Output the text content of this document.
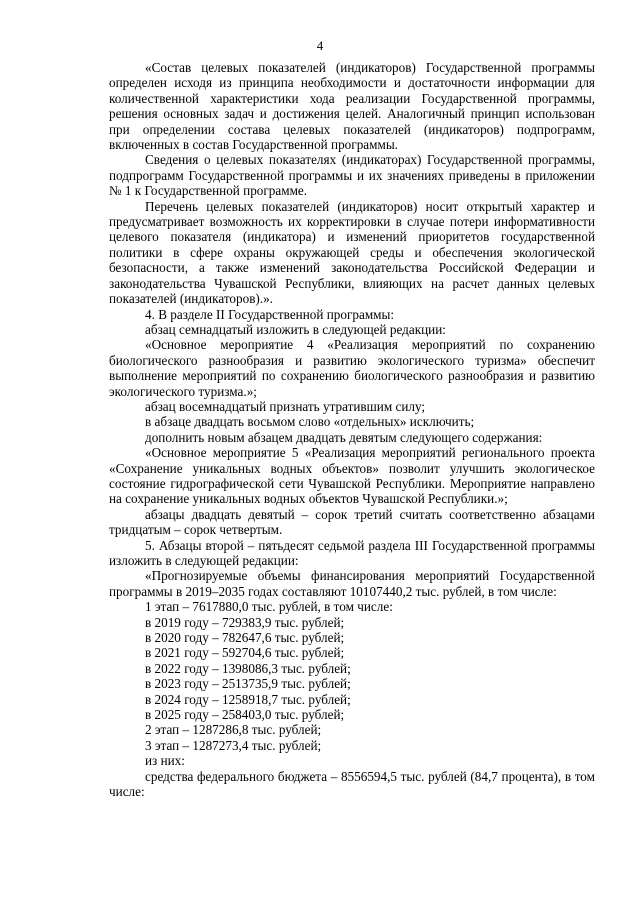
4

«Состав целевых показателей (индикаторов) Государственной программы определен исходя из принципа необходимости и достаточности информации для количественной характеристики хода реализации Государственной программы, решения основных задач и достижения целей. Аналогичный принцип использован при определении состава целевых показателей (индикаторов) подпрограмм, включенных в состав Государственной программы.

Сведения о целевых показателях (индикаторах) Государственной программы, подпрограмм Государственной программы и их значениях приведены в приложении № 1 к Государственной программе.

Перечень целевых показателей (индикаторов) носит открытый характер и предусматривает возможность их корректировки в случае потери информативности целевого показателя (индикатора) и изменений приоритетов государственной политики в сфере охраны окружающей среды и обеспечения экологической безопасности, а также изменений законодательства Российской Федерации и законодательства Чувашской Республики, влияющих на расчет данных целевых показателей (индикаторов).».

4. В разделе II Государственной программы:

абзац семнадцатый изложить в следующей редакции:

«Основное мероприятие 4 «Реализация мероприятий по сохранению биологического разнообразия и развитию экологического туризма» обеспечит выполнение мероприятий по сохранению биологического разнообразия и развитию экологического туризма.»;

абзац восемнадцатый признать утратившим силу;

в абзаце двадцать восьмом слово «отдельных» исключить;

дополнить новым абзацем двадцать девятым следующего содержания:

«Основное мероприятие 5 «Реализация мероприятий регионального проекта «Сохранение уникальных водных объектов» позволит улучшить экологическое состояние гидрографической сети Чувашской Республики. Мероприятие направлено на сохранение уникальных водных объектов Чувашской Республики.»;

абзацы двадцать девятый – сорок третий считать соответственно абзацами тридцатым – сорок четвертым.

5. Абзацы второй – пятьдесят седьмой раздела III Государственной программы изложить в следующей редакции:

«Прогнозируемые объемы финансирования мероприятий Государственной программы в 2019–2035 годах составляют 10107440,2 тыс. рублей, в том числе:

1 этап – 7617880,0 тыс. рублей, в том числе:

в 2019 году – 729383,9 тыс. рублей;

в 2020 году – 782647,6 тыс. рублей;

в 2021 году – 592704,6 тыс. рублей;

в 2022 году – 1398086,3 тыс. рублей;

в 2023 году – 2513735,9 тыс. рублей;

в 2024 году – 1258918,7 тыс. рублей;

в 2025 году – 258403,0 тыс. рублей;

2 этап – 1287286,8 тыс. рублей;

3 этап – 1287273,4 тыс. рублей;

из них:

средства федерального бюджета – 8556594,5 тыс. рублей (84,7 процента), в том числе:
